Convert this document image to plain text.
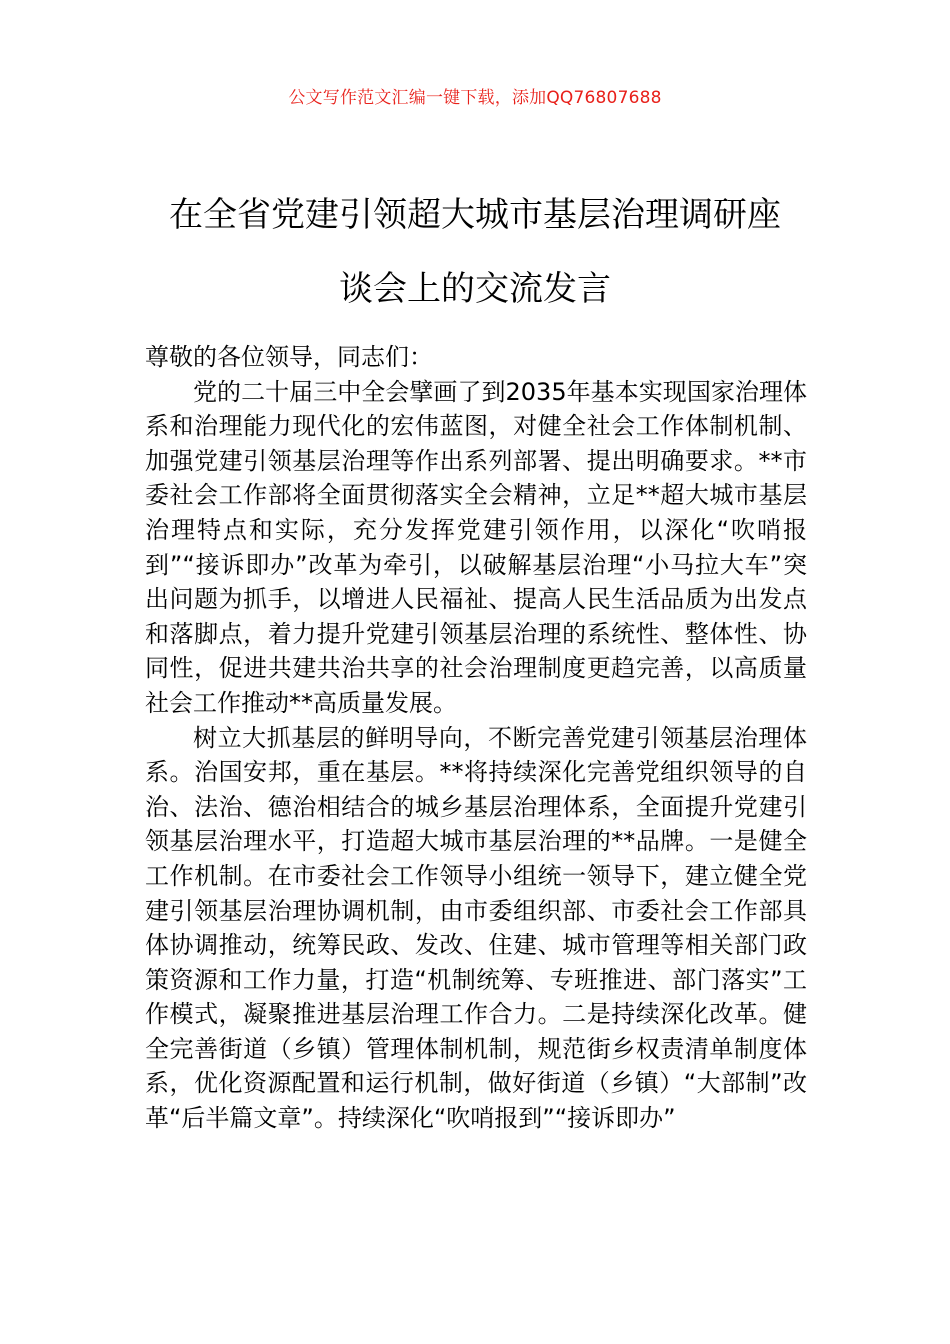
公文写作范文汇编一键下载，添加QQ76807688
在全省党建引领超大城市基层治理调研座
谈会上的交流发言

尊敬的各位领导，同志们：

党的二十届三中全会擘画了到2035年基本实现国家治理体系和治理能力现代化的宏伟蓝图，对健全社会工作体制机制、加强党建引领基层治理等作出系列部署、提出明确要求。**市委社会工作部将全面贯彻落实全会精神，立足**超大城市基层治理特点和实际，充分发挥党建引领作用，以深化“吹哨报到”“接诉即办”改革为牵引，以破解基层治理“小马拉大车”突出问题为抓手，以增进人民福祉、提高人民生活品质为出发点和落脚点，着力提升党建引领基层治理的系统性、整体性、协同性，促进共建共治共享的社会治理制度更趋完善，以高质量社会工作推动**高质量发展。

树立大抓基层的鲜明导向，不断完善党建引领基层治理体系。治国安邦，重在基层。**将持续深化完善党组织领导的自治、法治、德治相结合的城乡基层治理体系，全面提升党建引领基层治理水平，打造超大城市基层治理的**品牌。一是健全工作机制。在市委社会工作领导小组统一领导下，建立健全党建引领基层治理协调机制，由市委组织部、市委社会工作部具体协调推动，统筹民政、发改、住建、城市管理等相关部门政策资源和工作力量，打造“机制统筹、专班推进、部门落实”工作模式，凝聚推进基层治理工作合力。二是持续深化改革。健全完善街道（乡镇）管理体制机制，规范街乡权责清单制度体系，优化资源配置和运行机制，做好街道（乡镇）“大部制”改革“后半篇文章”。持续深化“吹哨报到”“接诉即办”
